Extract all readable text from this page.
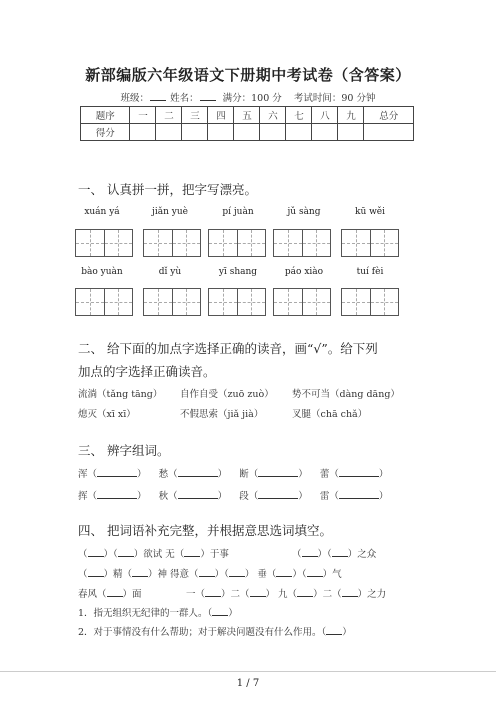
新部编版六年级语文下册期中考试卷（含答案）
班级： 姓名：	满分：100 分 考试时间：90 分钟
题序	一	二	三	四	五	六	七	八	九	总分
得分										
一、 认真拼一拼，把字写漂亮。
xuán yá	jiǎn yuè	pí juàn	jǔ sàng	kū wěi
bào yuàn	dǐ yù	yī shang	páo xiào	tuí fèi
二、 给下面的加点字选择正确的读音，画“√”。给下列
加点的字选择正确读音。
流淌（tǎng tāng） 自作自受（zuō zuò） 势不可当（dàng dāng）
熄灭（xī xī）	不假思索（jiǎ jià）	叉腿（chā chǎ）
三、 辨字组词。
浑（	） 愁（	） 断（	） 蕾（	）
挥（	） 秋（	） 段（	） 雷（	）
四、 把词语补充完整，并根据意思选词填空。
（ ）（ ）欲试 无（ ）于事	（ ）（ ）之众
（ ）精（ ）神 得意（ ）（ ） 垂（ ）（ ）气
春风（ ）面	一（ ）二（ ） 九（ ）二（ ）之力
1．指无组织无纪律的一群人。（ ）
2．对于事情没有什么帮助；对于解决问题没有什么作用。（ ）
1 / 7
